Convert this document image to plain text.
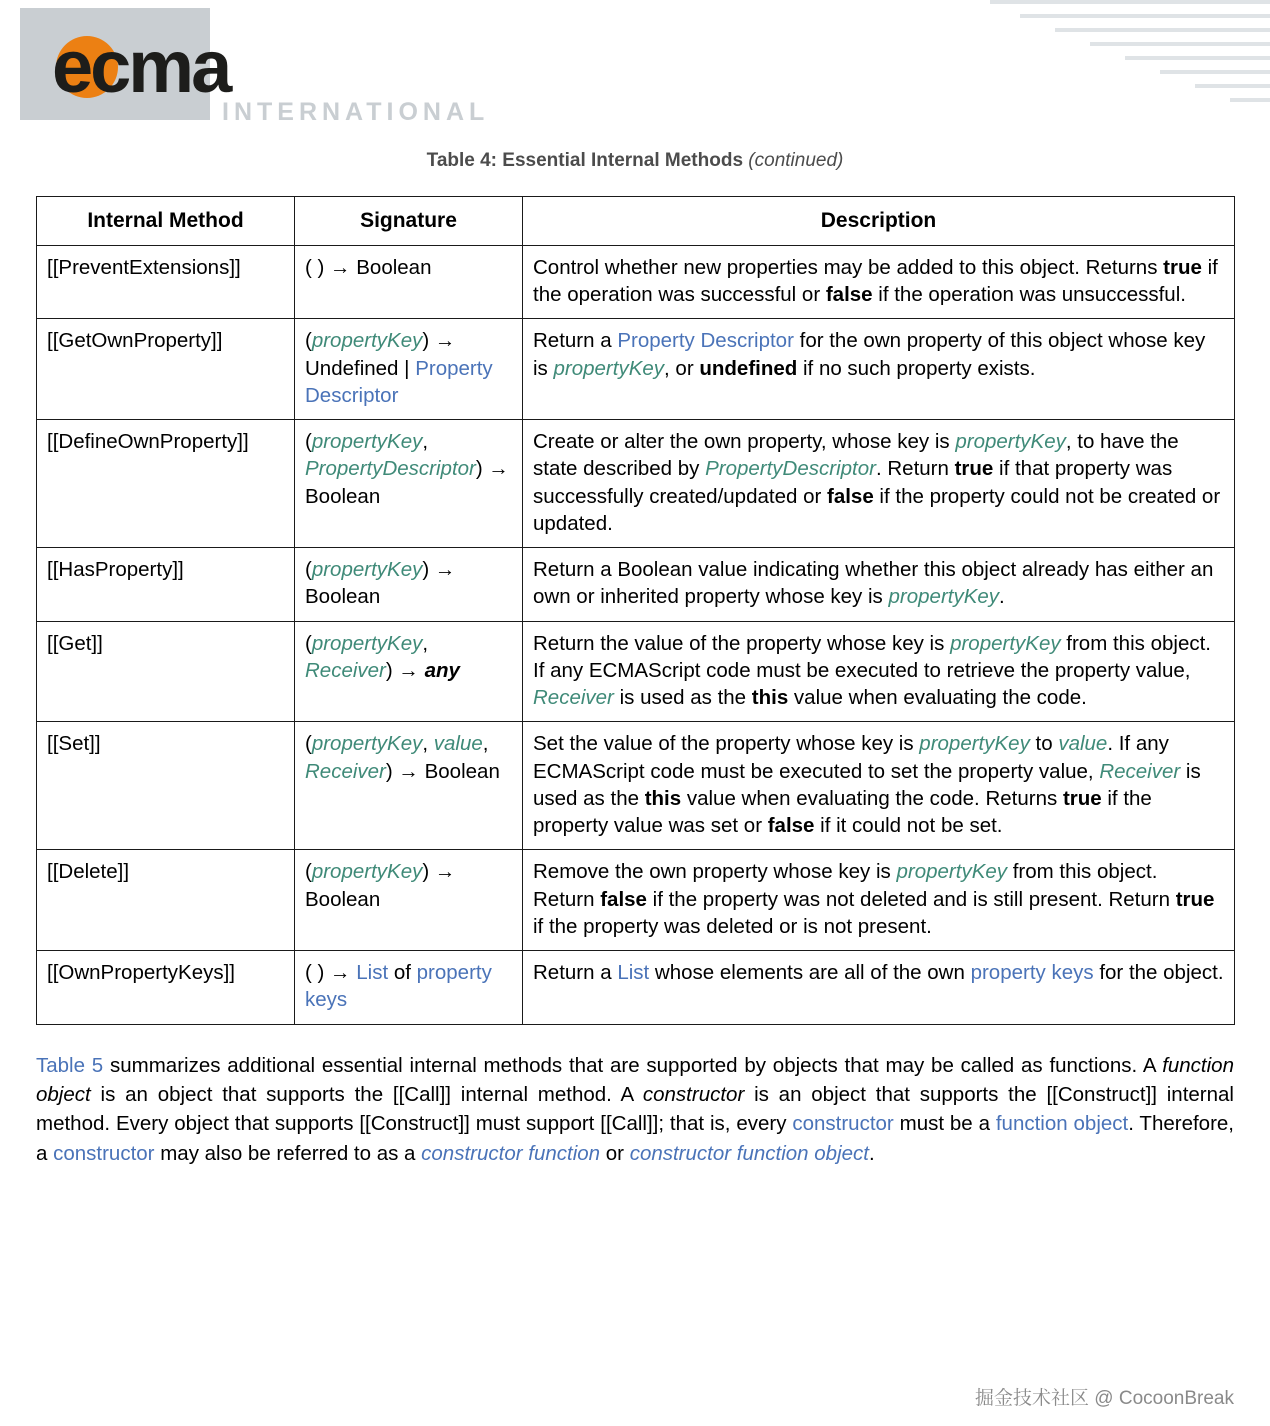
ecma
INTERNATIONAL
Table 4: Essential Internal Methods (continued)
Internal Method	Signature	Description
[[PreventExtensions]]	( ) → Boolean	Control whether new properties may be added to this object. Returns true if the operation was successful or false if the operation was unsuccessful.
[[GetOwnProperty]]	(propertyKey) → Undefined | Property Descriptor	Return a Property Descriptor for the own property of this object whose key is propertyKey, or undefined if no such property exists.
[[DefineOwnProperty]]	(propertyKey, PropertyDescriptor) → Boolean	Create or alter the own property, whose key is propertyKey, to have the state described by PropertyDescriptor. Return true if that property was successfully created/updated or false if the property could not be created or updated.
[[HasProperty]]	(propertyKey) → Boolean	Return a Boolean value indicating whether this object already has either an own or inherited property whose key is propertyKey.
[[Get]]	(propertyKey, Receiver) → any	Return the value of the property whose key is propertyKey from this object. If any ECMAScript code must be executed to retrieve the property value, Receiver is used as the this value when evaluating the code.
[[Set]]	(propertyKey, value, Receiver) → Boolean	Set the value of the property whose key is propertyKey to value. If any ECMAScript code must be executed to set the property value, Receiver is used as the this value when evaluating the code. Returns true if the property value was set or false if it could not be set.
[[Delete]]	(propertyKey) → Boolean	Remove the own property whose key is propertyKey from this object. Return false if the property was not deleted and is still present. Return true if the property was deleted or is not present.
[[OwnPropertyKeys]]	( ) → List of property keys	Return a List whose elements are all of the own property keys for the object.
Table 5 summarizes additional essential internal methods that are supported by objects that may be called as functions. A function object is an object that supports the [[Call]] internal method. A constructor is an object that supports the [[Construct]] internal method. Every object that supports [[Construct]] must support [[Call]]; that is, every constructor must be a function object. Therefore, a constructor may also be referred to as a constructor function or constructor function object.
掘金技术社区 @ CocoonBreak
